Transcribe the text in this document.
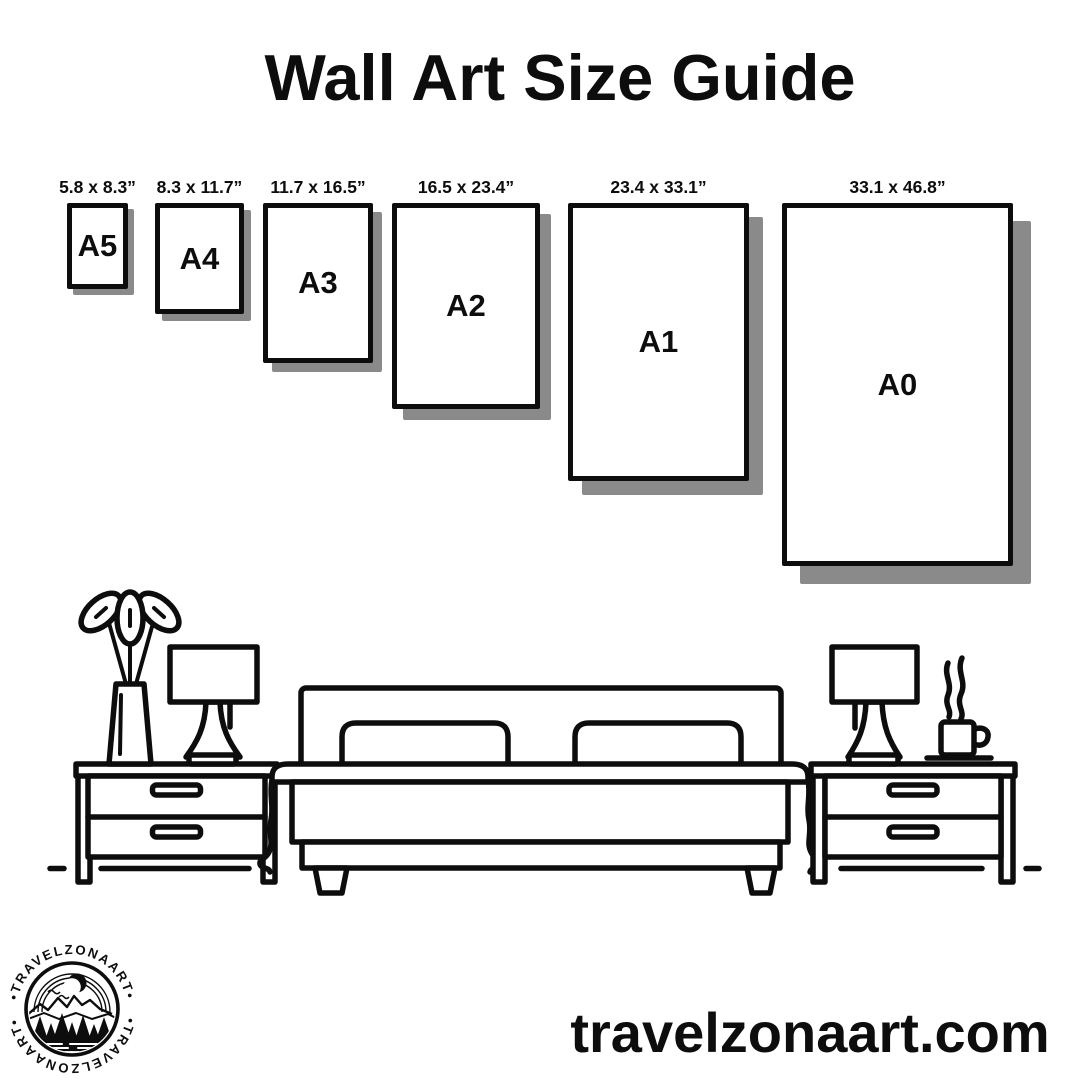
Wall Art Size Guide
A5
5.8 x 8.3”
A4
8.3 x 11.7”
A3
11.7 x 16.5”
A2
16.5 x 23.4”
A1
23.4 x 33.1”
A0
33.1 x 46.8”
•TRAVELZONAART•
•TRAVELZONAART•	travelzonaart.com
